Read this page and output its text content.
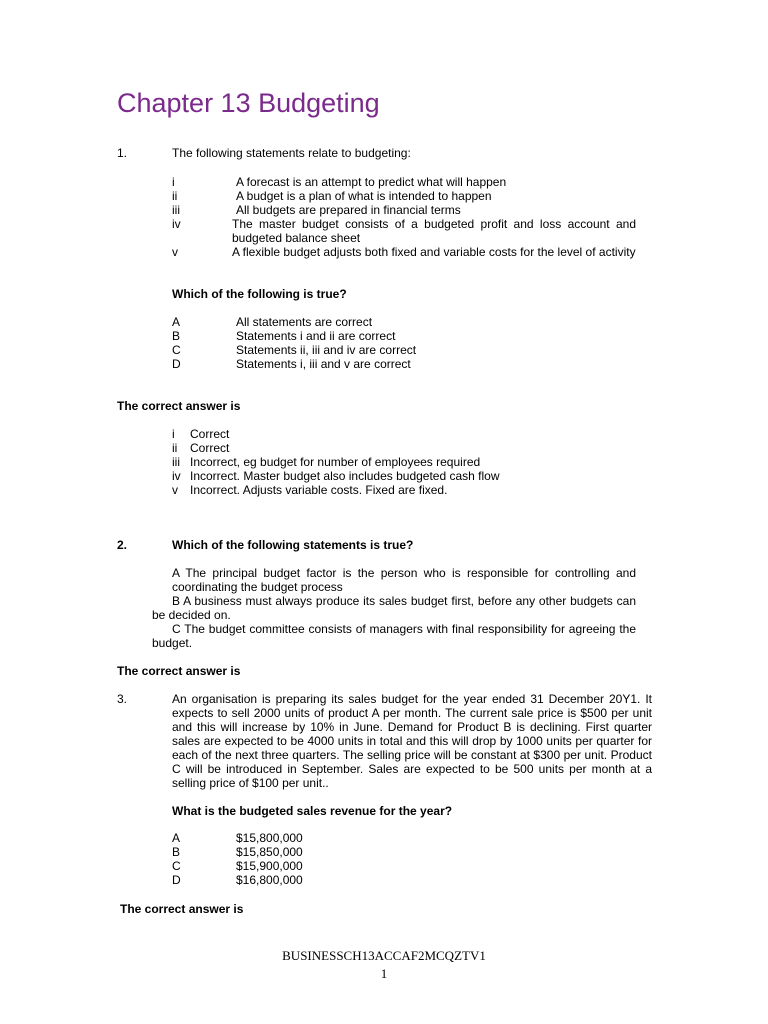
Chapter 13 Budgeting
1.	The following statements relate to budgeting:
i	A forecast is an attempt to predict what will happen
ii	A budget is a plan of what is intended to happen
iii	All budgets are prepared in financial terms
iv	The master budget consists of a budgeted profit and loss account and budgeted balance sheet
v	A flexible budget adjusts both fixed and variable costs for the level of activity
Which of the following is true?
A	All statements are correct
B	Statements i and ii are correct
C	Statements ii, iii and iv are correct
D	Statements i, iii and v are correct
The correct answer is
i Correct
ii Correct
iii Incorrect, eg budget for number of employees required
iv Incorrect. Master budget also includes budgeted cash flow
v Incorrect. Adjusts variable costs. Fixed are fixed.
2.	Which of the following statements is true?
A The principal budget factor is the person who is responsible for controlling and coordinating the budget process
B A business must always produce its sales budget first, before any other budgets can be decided on.
C The budget committee consists of managers with final responsibility for agreeing the budget.
The correct answer is
3.	An organisation is preparing its sales budget for the year ended 31 December 20Y1. It expects to sell 2000 units of product A per month. The current sale price is $500 per unit and this will increase by 10% in June. Demand for Product B is declining. First quarter sales are expected to be 4000 units in total and this will drop by 1000 units per quarter for each of the next three quarters. The selling price will be constant at $300 per unit. Product C will be introduced in September. Sales are expected to be 500 units per month at a selling price of $100 per unit..
What is the budgeted sales revenue for the year?
A	$15,800,000
B	$15,850,000
C	$15,900,000
D	$16,800,000
The correct answer is
BUSINESSCH13ACCAF2MCQZTV1
1
